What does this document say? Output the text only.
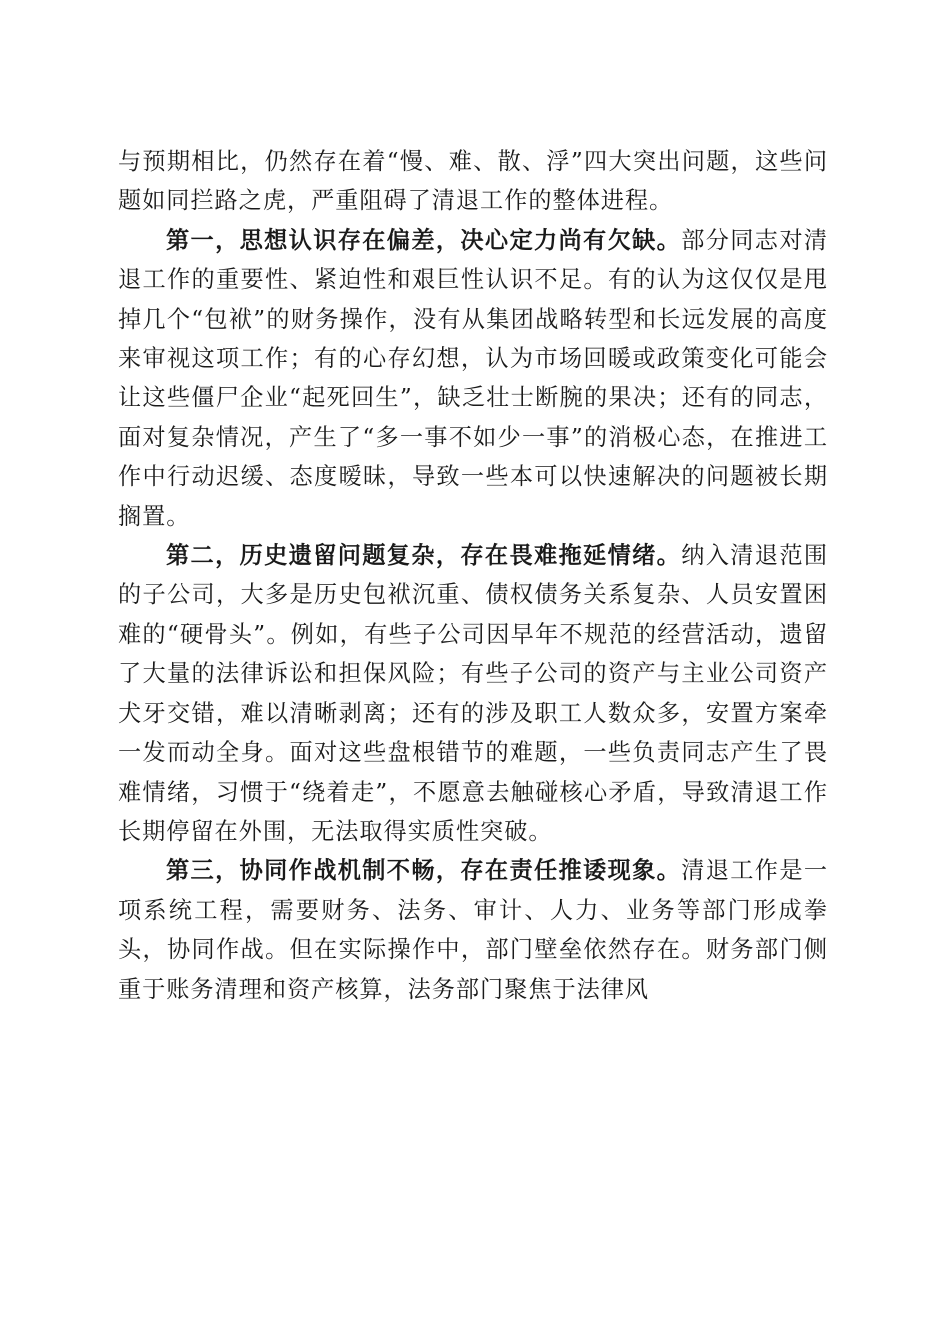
与预期相比，仍然存在着“慢、难、散、浮”四大突出问题，这些问题如同拦路之虎，严重阻碍了清退工作的整体进程。

第一，思想认识存在偏差，决心定力尚有欠缺。部分同志对清退工作的重要性、紧迫性和艰巨性认识不足。有的认为这仅仅是甩掉几个“包袱”的财务操作，没有从集团战略转型和长远发展的高度来审视这项工作；有的心存幻想，认为市场回暖或政策变化可能会让这些僵尸企业“起死回生”，缺乏壮士断腕的果决；还有的同志，面对复杂情况，产生了“多一事不如少一事”的消极心态，在推进工作中行动迟缓、态度暧昧，导致一些本可以快速解决的问题被长期搁置。

第二，历史遗留问题复杂，存在畏难拖延情绪。纳入清退范围的子公司，大多是历史包袱沉重、债权债务关系复杂、人员安置困难的“硬骨头”。例如，有些子公司因早年不规范的经营活动，遗留了大量的法律诉讼和担保风险；有些子公司的资产与主业公司资产犬牙交错，难以清晰剥离；还有的涉及职工人数众多，安置方案牵一发而动全身。面对这些盘根错节的难题，一些负责同志产生了畏难情绪，习惯于“绕着走”，不愿意去触碰核心矛盾，导致清退工作长期停留在外围，无法取得实质性突破。

第三，协同作战机制不畅，存在责任推诿现象。清退工作是一项系统工程，需要财务、法务、审计、人力、业务等部门形成拳头，协同作战。但在实际操作中，部门壁垒依然存在。财务部门侧重于账务清理和资产核算，法务部门聚焦于法律风
